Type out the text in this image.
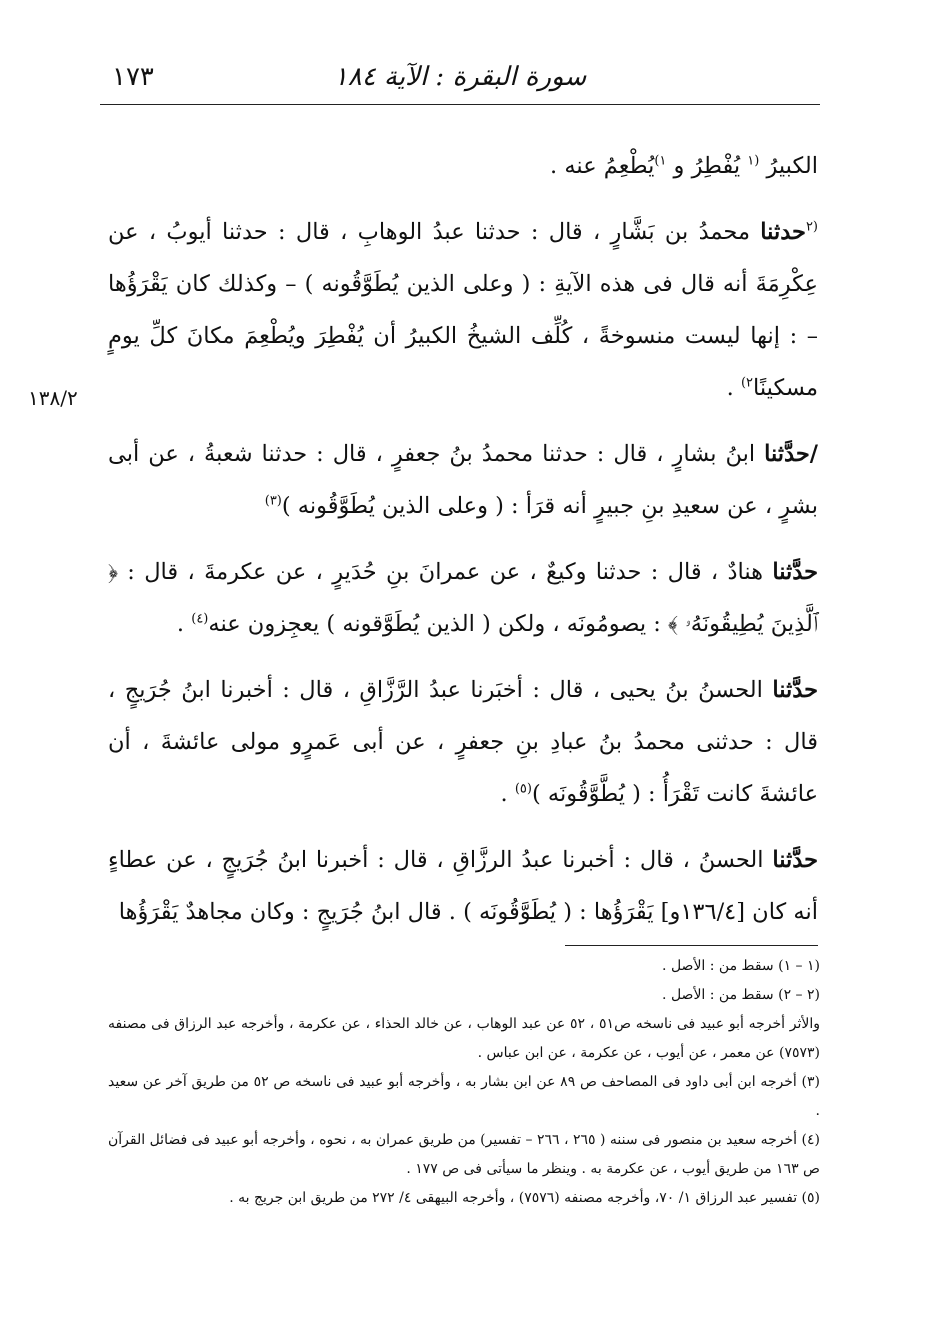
١٧٣	سورة البقرة : الآية ١٨٤
١٣٨/٢

الكبيرُ $^{(١}$ يُفْطِرُ و $^{١)}$يُطْعِمُ عنه .

$^{(٢}$حدثنا محمدُ بن بَشَّارٍ ، قال : حدثنا عبدُ الوهابِ ، قال : حدثنا أيوبُ ، عن عِكْرِمَةَ أنه قال فى هذه الآيةِ : ( وعلى الذين يُطَوَّقُونه ) – وكذلك كان يَقْرَؤُها – : إنها ليست منسوخةً ، كُلِّف الشيخُ الكبيرُ أن يُفْطِرَ ويُطْعِمَ مكانَ كلِّ يومٍ مسكينًا$^{٢)}$ .

/حدَّثنا ابنُ بشارٍ ، قال : حدثنا محمدُ بنُ جعفرٍ ، قال : حدثنا شعبةُ ، عن أبى بشرٍ ، عن سعيدِ بنِ جبيرٍ أنه قرَأ : ( وعلى الذين يُطَوَّقُونه )$^{(٣)}$

حدَّثنا هنادٌ ، قال : حدثنا وكيعٌ ، عن عمرانَ بنِ حُدَيرٍ ، عن عكرمةَ ، قال : ﴿ ٱلَّذِينَ يُطِيقُونَهُۥ ﴾ : يصومُونَه ، ولكن ( الذين يُطَوَّقونه ) يعجِزون عنه$^{(٤)}$ .

حدَّثنا الحسنُ بنُ يحيى ، قال : أخبَرنا عبدُ الرَّزَّاقِ ، قال : أخبرنا ابنُ جُرَيجٍ ، قال : حدثنى محمدُ بنُ عبادِ بنِ جعفرٍ ، عن أبى عَمرٍو مولى عائشةَ ، أن عائشةَ كانت تَقْرَأُ : ( يُطَّوَّقُونَه )$^{(٥)}$ .

حدَّثنا الحسنُ ، قال : أخبرنا عبدُ الرزَّاقِ ، قال : أخبرنا ابنُ جُرَيجٍ ، عن عطاءٍ أنه كان [١٣٦/٤و] يَقْرَؤُها : ( يُطَوَّقُونَه ) . قال ابنُ جُرَيجٍ : وكان مجاهدٌ يَقْرَؤُها

(١ – ١) سقط من : الأصل .

(٢ – ٢) سقط من : الأصل .

والأثر أخرجه أبو عبيد فى ناسخه ص٥١ ، ٥٢ عن عبد الوهاب ، عن خالد الحذاء ، عن عكرمة ، وأخرجه عبد الرزاق فى مصنفه (٧٥٧٣) عن معمر ، عن أيوب ، عن عكرمة ، عن ابن عباس .

(٣) أخرجه ابن أبى داود فى المصاحف ص ٨٩ عن ابن بشار به ، وأخرجه أبو عبيد فى ناسخه ص ٥٢ من طريق آخر عن سعيد .

(٤) أخرجه سعيد بن منصور فى سننه ( ٢٦٥ ، ٢٦٦ – تفسير) من طريق عمران به ، نحوه ، وأخرجه أبو عبيد فى فضائل القرآن ص ١٦٣ من طريق أيوب ، عن عكرمة به . وينظر ما سيأتى فى ص ١٧٧ .

(٥) تفسير عبد الرزاق ١/ ٧٠، وأخرجه مصنفه (٧٥٧٦) ، وأخرجه البيهقى ٤/ ٢٧٢ من طريق ابن جريج به .
